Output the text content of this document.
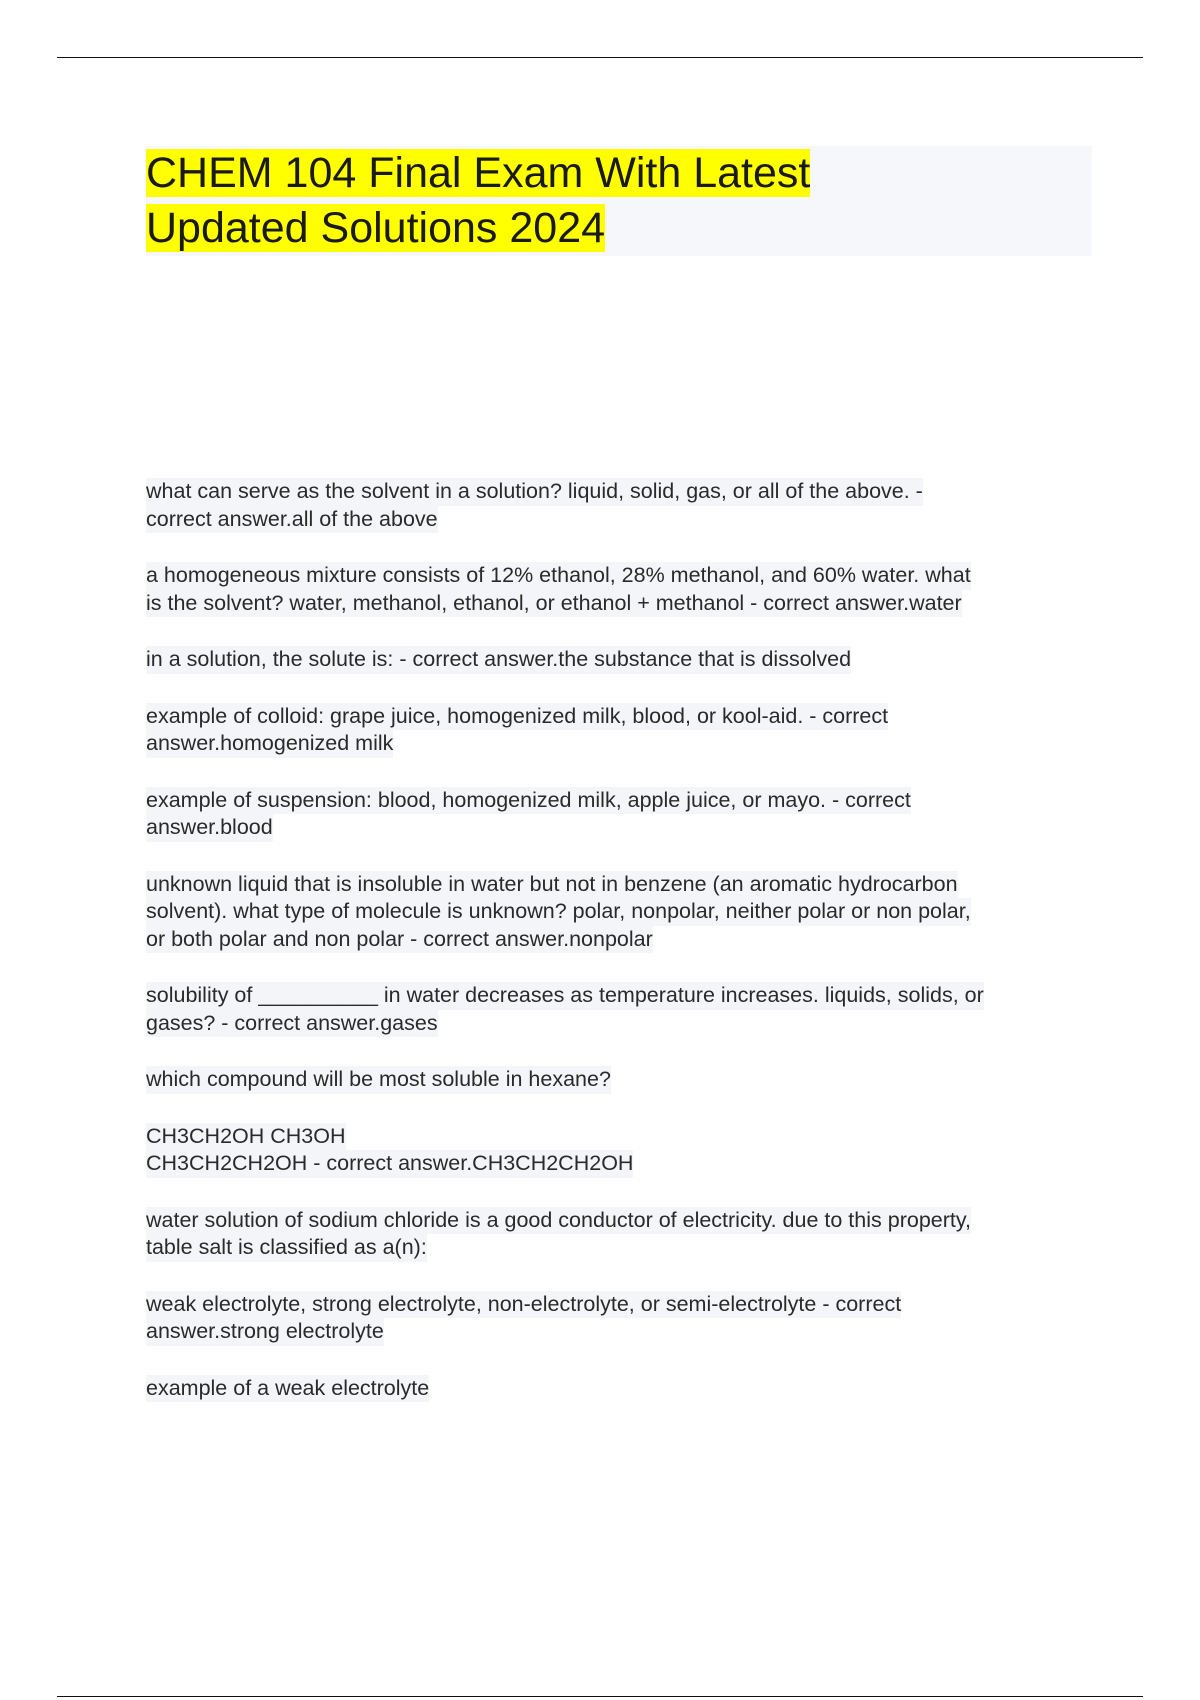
CHEM 104 Final Exam With Latest
Updated Solutions 2024

what can serve as the solvent in a solution? liquid, solid, gas, or all of the above. -
correct answer.all of the above

a homogeneous mixture consists of 12% ethanol, 28% methanol, and 60% water. what
is the solvent? water, methanol, ethanol, or ethanol + methanol - correct answer.water

in a solution, the solute is: - correct answer.the substance that is dissolved

example of colloid: grape juice, homogenized milk, blood, or kool-aid. - correct
answer.homogenized milk

example of suspension: blood, homogenized milk, apple juice, or mayo. - correct
answer.blood

unknown liquid that is insoluble in water but not in benzene (an aromatic hydrocarbon
solvent). what type of molecule is unknown? polar, nonpolar, neither polar or non polar,
or both polar and non polar - correct answer.nonpolar

solubility of __________ in water decreases as temperature increases. liquids, solids, or
gases? - correct answer.gases

which compound will be most soluble in hexane?

CH3CH2OH CH3OH
CH3CH2CH2OH - correct answer.CH3CH2CH2OH

water solution of sodium chloride is a good conductor of electricity. due to this property,
table salt is classified as a(n):

weak electrolyte, strong electrolyte, non-electrolyte, or semi-electrolyte - correct
answer.strong electrolyte

example of a weak electrolyte
